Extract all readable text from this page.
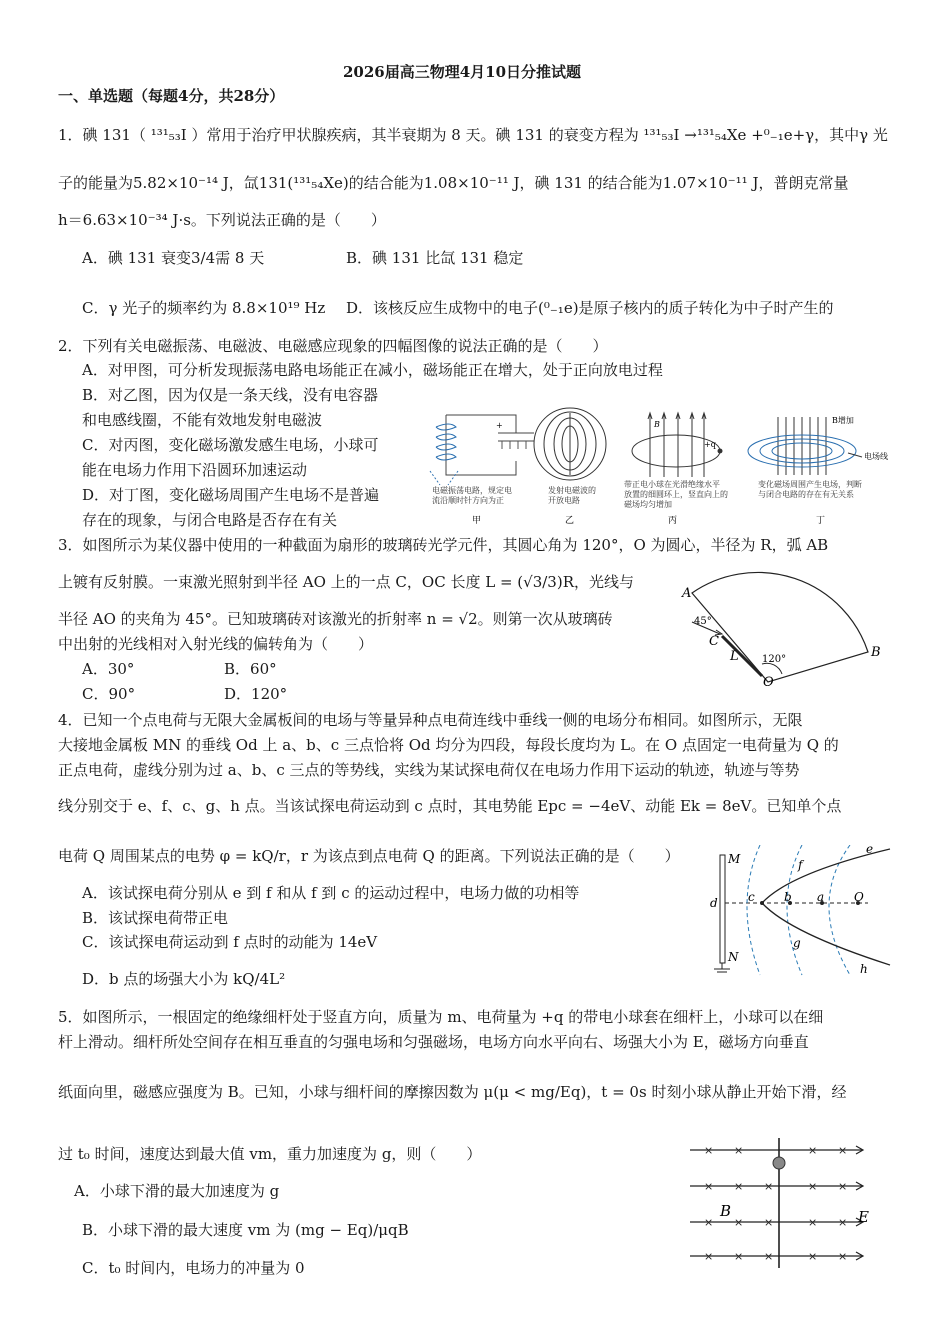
2026届高三物理4月10日分推试题
一、单选题（每题4分，共28分）
1．碘 131（ ¹³¹₅₃I ）常用于治疗甲状腺疾病，其半衰期为 8 天。碘 131 的衰变方程为 ¹³¹₅₃I →¹³¹₅₄Xe +⁰₋₁e+γ，其中γ 光
子的能量为5.82×10⁻¹⁴ J，氙131(¹³¹₅₄Xe)的结合能为1.08×10⁻¹¹ J，碘 131 的结合能为1.07×10⁻¹¹ J，普朗克常量
h＝6.63×10⁻³⁴ J·s。下列说法正确的是（　　）
A．碘 131 衰变3/4需 8 天	B．碘 131 比氙 131 稳定
C．γ 光子的频率约为 8.8×10¹⁹ Hz D．该核反应生成物中的电子(⁰₋₁e)是原子核内的质子转化为中子时产生的
2．下列有关电磁振荡、电磁波、电磁感应现象的四幅图像的说法正确的是（　　）
A．对甲图，可分析发现振荡电路电场能正在减小，磁场能正在增大，处于正向放电过程
B．对乙图，因为仅是一条天线，没有电容器
和电感线圈，不能有效地发射电磁波
C．对丙图，变化磁场激发感生电场，小球可
能在电场力作用下沿圆环加速运动
D．对丁图，变化磁场周围产生电场不是普遍
存在的现象，与闭合电路是否存在有关
+
电磁振荡电路，规定电
流沿顺时针方向为正
甲
发射电磁波的
开放电路
乙
B
+q
带正电小球在光滑绝缘水平
放置的细圆环上，竖直向上的
磁场均匀增加
丙
B增加
电场线
变化磁场周围产生电场，判断
与闭合电路的存在有无关系
丁
3．如图所示为某仪器中使用的一种截面为扇形的玻璃砖光学元件，其圆心角为 120°，O 为圆心，半径为 R，弧 AB
上镀有反射膜。一束激光照射到半径 AO 上的一点 C，OC 长度 L = (√3/3)R，光线与
半径 AO 的夹角为 45°。已知玻璃砖对该激光的折射率 n = √2。则第一次从玻璃砖
中出射的光线相对入射光线的偏转角为（　　）
A．30°	B．60°
C．90°	D．120°
A
B
C
O
L
45°
120°
4．已知一个点电荷与无限大金属板间的电场与等量异种点电荷连线中垂线一侧的电场分布相同。如图所示，无限
大接地金属板 MN 的垂线 Od 上 a、b、c 三点恰将 Od 均分为四段，每段长度均为 L。在 O 点固定一电荷量为 Q 的
正点电荷，虚线分别为过 a、b、c 三点的等势线，实线为某试探电荷仅在电场力作用下运动的轨迹，轨迹与等势
线分别交于 e、f、c、g、h 点。当该试探电荷运动到 c 点时，其电势能 Epc = −4eV、动能 Ek = 8eV。已知单个点
电荷 Q 周围某点的电势 φ = kQ/r，r 为该点到点电荷 Q 的距离。下列说法正确的是（　　）
A．该试探电荷分别从 e 到 f 和从 f 到 c 的运动过程中，电场力做的功相等
B．该试探电荷带正电
C．该试探电荷运动到 f 点时的动能为 14eV
D．b 点的场强大小为 kQ/4L²
M
N
d	c b a O
e
f
g
h
5．如图所示，一根固定的绝缘细杆处于竖直方向，质量为 m、电荷量为 +q 的带电小球套在细杆上，小球可以在细
杆上滑动。细杆所处空间存在相互垂直的匀强电场和匀强磁场，电场方向水平向右、场强大小为 E，磁场方向垂直
纸面向里，磁感应强度为 B。已知，小球与细杆间的摩擦因数为 μ(μ < mg/Eq)，t = 0s 时刻小球从静止开始下滑，经
过 t₀ 时间，速度达到最大值 vm，重力加速度为 g，则（　　）
A．小球下滑的最大加速度为 g
B．小球下滑的最大速度 vm 为 (mg − Eq)/μqB
C．t₀ 时间内，电场力的冲量为 0
× ×	× ×
× × ×	× ×
× × ×	× ×
× × ×	× ×
B	E
